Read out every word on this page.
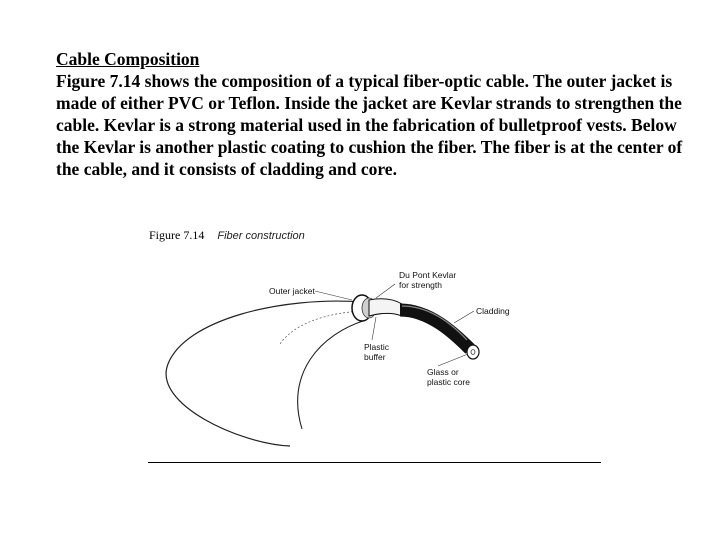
Cable Composition
Figure 7.14 shows the composition of a typical fiber-optic cable. The outer jacket is made of either PVC or Teflon. Inside the jacket are Kevlar strands to strengthen the cable. Kevlar is a strong material used in the fabrication of bulletproof vests. Below the Kevlar is another plastic coating to cushion the fiber. The fiber is at the center of the cable, and it consists of cladding and core.
Figure 7.14 Fiber construction
Outer jacket
Du Pont Kevlar
for strength
Cladding
Plastic
buffer
Glass or
plastic core
